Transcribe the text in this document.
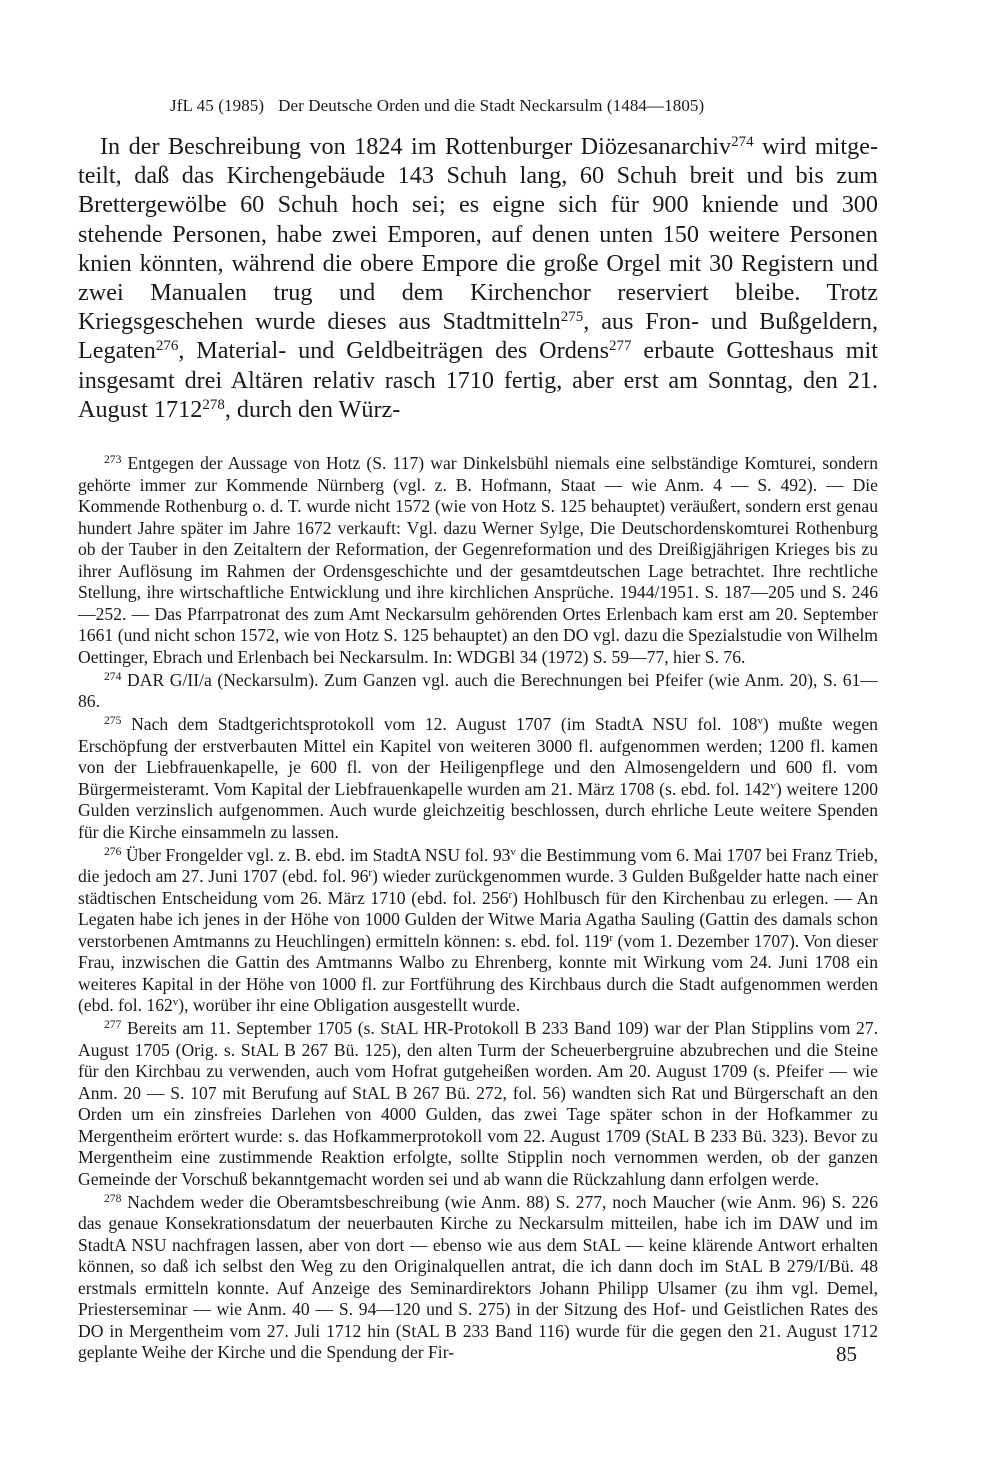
JfL 45 (1985) Der Deutsche Orden und die Stadt Neckarsulm (1484—1805)

In der Beschreibung von 1824 im Rottenburger Diözesanarchiv$^{274}$ wird mitgeteilt, daß das Kirchengebäude 143 Schuh lang, 60 Schuh breit und bis zum Brettergewölbe 60 Schuh hoch sei; es eigne sich für 900 kniende und 300 stehende Personen, habe zwei Emporen, auf denen unten 150 weitere Personen knien könnten, während die obere Empore die große Orgel mit 30 Registern und zwei Manualen trug und dem Kirchenchor reserviert bleibe. Trotz Kriegsgeschehen wurde dieses aus Stadtmitteln$^{275}$, aus Fron- und Bußgeldern, Legaten$^{276}$, Material- und Geldbeiträgen des Ordens$^{277}$ erbaute Gotteshaus mit insgesamt drei Altären relativ rasch 1710 fertig, aber erst am Sonntag, den 21. August 1712$^{278}$, durch den Würz-

$^{273}$ Entgegen der Aussage von Hotz (S. 117) war Dinkelsbühl niemals eine selbständige Komturei, sondern gehörte immer zur Kommende Nürnberg (vgl. z. B. Hofmann, Staat — wie Anm. 4 — S. 492). — Die Kommende Rothenburg o. d. T. wurde nicht 1572 (wie von Hotz S. 125 behauptet) veräußert, sondern erst genau hundert Jahre später im Jahre 1672 verkauft: Vgl. dazu Werner Sylge, Die Deutschordenskomturei Rothenburg ob der Tauber in den Zeitaltern der Reformation, der Gegenreformation und des Dreißigjährigen Krieges bis zu ihrer Auflösung im Rahmen der Ordensgeschichte und der gesamtdeutschen Lage betrachtet. Ihre rechtliche Stellung, ihre wirtschaftliche Entwicklung und ihre kirchlichen Ansprüche. 1944/1951. S. 187—205 und S. 246—252. — Das Pfarrpatronat des zum Amt Neckarsulm gehörenden Ortes Erlenbach kam erst am 20. September 1661 (und nicht schon 1572, wie von Hotz S. 125 behauptet) an den DO vgl. dazu die Spezialstudie von Wilhelm Oettinger, Ebrach und Erlenbach bei Neckarsulm. In: WDGBl 34 (1972) S. 59—77, hier S. 76.

$^{274}$ DAR G/II/a (Neckarsulm). Zum Ganzen vgl. auch die Berechnungen bei Pfeifer (wie Anm. 20), S. 61—86.

$^{275}$ Nach dem Stadtgerichtsprotokoll vom 12. August 1707 (im StadtA NSU fol. 108$^v$) mußte wegen Erschöpfung der erstverbauten Mittel ein Kapitel von weiteren 3000 fl. aufgenommen werden; 1200 fl. kamen von der Liebfrauenkapelle, je 600 fl. von der Heiligenpflege und den Almosengeldern und 600 fl. vom Bürgermeisteramt. Vom Kapital der Liebfrauenkapelle wurden am 21. März 1708 (s. ebd. fol. 142$^v$) weitere 1200 Gulden verzinslich aufgenommen. Auch wurde gleichzeitig beschlossen, durch ehrliche Leute weitere Spenden für die Kirche einsammeln zu lassen.

$^{276}$ Über Frongelder vgl. z. B. ebd. im StadtA NSU fol. 93$^v$ die Bestimmung vom 6. Mai 1707 bei Franz Trieb, die jedoch am 27. Juni 1707 (ebd. fol. 96$^r$) wieder zurückgenommen wurde. 3 Gulden Bußgelder hatte nach einer städtischen Entscheidung vom 26. März 1710 (ebd. fol. 256$^r$) Hohlbusch für den Kirchenbau zu erlegen. — An Legaten habe ich jenes in der Höhe von 1000 Gulden der Witwe Maria Agatha Sauling (Gattin des damals schon verstorbenen Amtmanns zu Heuchlingen) ermitteln können: s. ebd. fol. 119$^r$ (vom 1. Dezember 1707). Von dieser Frau, inzwischen die Gattin des Amtmanns Walbo zu Ehrenberg, konnte mit Wirkung vom 24. Juni 1708 ein weiteres Kapital in der Höhe von 1000 fl. zur Fortführung des Kirchbaus durch die Stadt aufgenommen werden (ebd. fol. 162$^v$), worüber ihr eine Obligation ausgestellt wurde.

$^{277}$ Bereits am 11. September 1705 (s. StAL HR-Protokoll B 233 Band 109) war der Plan Stipplins vom 27. August 1705 (Orig. s. StAL B 267 Bü. 125), den alten Turm der Scheuerbergruine abzubrechen und die Steine für den Kirchbau zu verwenden, auch vom Hofrat gutgeheißen worden. Am 20. August 1709 (s. Pfeifer — wie Anm. 20 — S. 107 mit Berufung auf StAL B 267 Bü. 272, fol. 56) wandten sich Rat und Bürgerschaft an den Orden um ein zinsfreies Darlehen von 4000 Gulden, das zwei Tage später schon in der Hofkammer zu Mergentheim erörtert wurde: s. das Hofkammerprotokoll vom 22. August 1709 (StAL B 233 Bü. 323). Bevor zu Mergentheim eine zustimmende Reaktion erfolgte, sollte Stipplin noch vernommen werden, ob der ganzen Gemeinde der Vorschuß bekanntgemacht worden sei und ab wann die Rückzahlung dann erfolgen werde.

$^{278}$ Nachdem weder die Oberamtsbeschreibung (wie Anm. 88) S. 277, noch Maucher (wie Anm. 96) S. 226 das genaue Konsekrationsdatum der neuerbauten Kirche zu Neckarsulm mitteilen, habe ich im DAW und im StadtA NSU nachfragen lassen, aber von dort — ebenso wie aus dem StAL — keine klärende Antwort erhalten können, so daß ich selbst den Weg zu den Originalquellen antrat, die ich dann doch im StAL B 279/I/Bü. 48 erstmals ermitteln konnte. Auf Anzeige des Seminardirektors Johann Philipp Ulsamer (zu ihm vgl. Demel, Priesterseminar — wie Anm. 40 — S. 94—120 und S. 275) in der Sitzung des Hof- und Geistlichen Rates des DO in Mergentheim vom 27. Juli 1712 hin (StAL B 233 Band 116) wurde für die gegen den 21. August 1712 geplante Weihe der Kirche und die Spendung der Fir-	85
